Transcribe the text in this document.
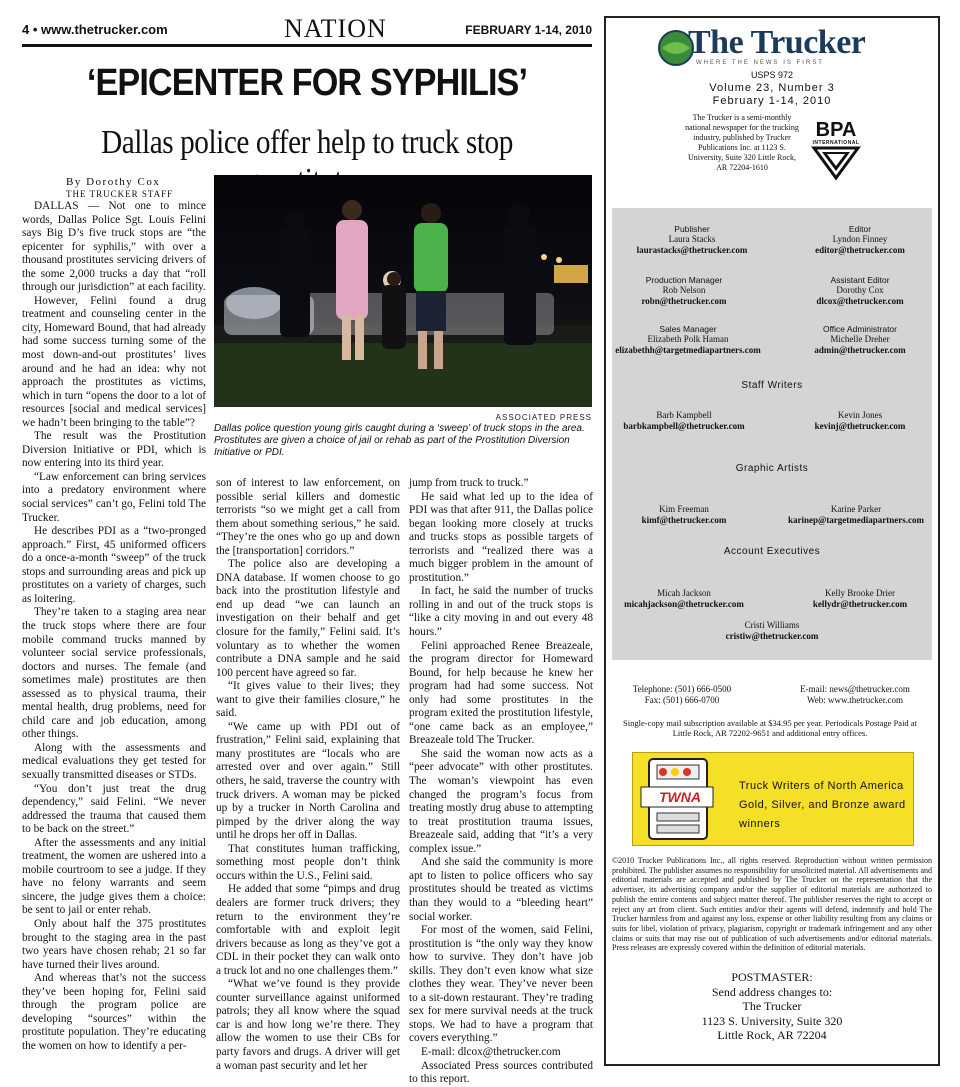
4 • www.thetrucker.com	NATION	FEBRUARY 1-14, 2010
‘EPICENTER FOR SYPHILIS’
Dallas police offer help to truck stop
By Dorothy Cox
THE TRUCKER STAFF

DALLAS — Not one to mince words, Dallas Police Sgt. Louis Felini says Big D’s five truck stops are “the epicenter for syphilis,” with over a thousand prostitutes servicing drivers of the some 2,000 trucks a day that “roll through our jurisdiction” at each facility.

However, Felini found a drug treatment and counseling center in the city, Homeward Bound, that had already had some success turning some of the most down-and-out prostitutes’ lives around and he had an idea: why not approach the prostitutes as victims, which in turn “opens the door to a lot of resources [social and medical services] we hadn’t been bringing to the table”?

The result was the Prostitution Diversion Initiative or PDI, which is now entering into its third year.

“Law enforcement can bring services into a predatory environment where social services” can’t go, Felini told The Trucker.

He describes PDI as a “two-pronged approach.” First, 45 uniformed officers do a once-a-month “sweep” of the truck stops and surrounding areas and pick up prostitutes on a variety of charges, such as loitering.

They’re taken to a staging area near the truck stops where there are four mobile command trucks manned by volunteer social service professionals, doctors and nurses. The female (and sometimes male) prostitutes are then assessed as to physical trauma, their mental health, drug problems, need for child care and job education, among other things.

Along with the assessments and medical evaluations they get tested for sexually transmitted diseases or STDs.

“You don’t just treat the drug dependency,” said Felini. “We never addressed the trauma that caused them to be back on the street.”

After the assessments and any initial treatment, the women are ushered into a mobile courtroom to see a judge. If they have no felony warrants and seem sincere, the judge gives them a choice: be sent to jail or enter rehab.

Only about half the 375 prostitutes brought to the staging area in the past two years have chosen rehab; 21 so far have turned their lives around.

And whereas that’s not the success they’ve been hoping for, Felini said through the program police are developing “sources” within the prostitute population. They’re educating the women on how to identify a per-

ASSOCIATED PRESS
Dallas police question young girls caught during a ‘sweep’ of truck stops in the area. Prostitutes are given a choice of jail or rehab as part of the Prostitution Diversion Initiative or PDI.

son of interest to law enforcement, on possible serial killers and domestic terrorists “so we might get a call from them about something serious,” he said. “They’re the ones who go up and down the [transportation] corridors.”

The police also are developing a DNA database. If women choose to go back into the prostitution lifestyle and end up dead “we can launch an investigation on their behalf and get closure for the family,” Felini said. It’s voluntary as to whether the women contribute a DNA sample and he said 100 percent have agreed so far.

“It gives value to their lives; they want to give their families closure,” he said.

“We came up with PDI out of frustration,” Felini said, explaining that many prostitutes are “locals who are arrested over and over again.” Still others, he said, traverse the country with truck drivers. A woman may be picked up by a trucker in North Carolina and pimped by the driver along the way until he drops her off in Dallas.

That constitutes human trafficking, something most people don’t think occurs within the U.S., Felini said.

He added that some “pimps and drug dealers are former truck drivers; they return to the environment they’re comfortable with and exploit legit drivers because as long as they’ve got a CDL in their pocket they can walk onto a truck lot and no one challenges them.”

“What we’ve found is they provide counter surveillance against uniformed patrols; they all know where the squad car is and how long we’re there. They allow the women to use their CBs for party favors and drugs. A driver will get a woman past security and let her

jump from truck to truck.”

He said what led up to the idea of PDI was that after 911, the Dallas police began looking more closely at trucks and trucks stops as possible targets of terrorists and “realized there was a much bigger problem in the amount of prostitution.”

In fact, he said the number of trucks rolling in and out of the truck stops is “like a city moving in and out every 48 hours.”

Felini approached Renee Breazeale, the program director for Homeward Bound, for help because he knew her program had had some success. Not only had some prostitutes in the program exited the prostitution lifestyle, “one came back as an employee,” Breazeale told The Trucker.

She said the woman now acts as a “peer advocate” with other prostitutes. The woman’s viewpoint has even changed the program’s focus from treating mostly drug abuse to attempting to treat prostitution trauma issues, Breazeale said, adding that “it’s a very complex issue.”

And she said the community is more apt to listen to police officers who say prostitutes should be treated as victims than they would to a “bleeding heart” social worker.

For most of the women, said Felini, prostitution is “the only way they know how to survive. They don’t have job skills. They don’t even know what size clothes they wear. They’ve never been to a sit-down restaurant. They’re trading sex for mere survival needs at the truck stops. We had to have a program that covers everything.”

E-mail: dlcox@thetrucker.com

Associated Press sources contributed to this report.

The Trucker
WHERE THE NEWS IS FIRST
USPS 972
Volume 23, Number 3
February 1-14, 2010
The Trucker is a semi-monthly national newspaper for the trucking industry, published by Trucker Publications Inc. at 1123 S. University, Suite 320 Little Rock, AR 72204-1610
BPA
INTERNATIONAL
Publisher
Laura Stacks
laurastacks@thetrucker.com
Editor
Lyndon Finney
editor@thetrucker.com
Production Manager
Rob Nelson
robn@thetrucker.com
Assistant Editor
Dorothy Cox
dlcox@thetrucker.com
Sales Manager
Elizabeth Polk Haman
elizabethh@targetmediapartners.com
Office Administrator
Michelle Dreher
admin@thetrucker.com
Staff Writers
Barb Kampbell
barbkampbell@thetrucker.com
Kevin Jones
kevinj@thetrucker.com
Graphic Artists
Kim Freeman
kimf@thetrucker.com
Karine Parker
karinep@targetmediapartners.com
Account Executives
Micah Jackson
micahjackson@thetrucker.com
Kelly Brooke Drier
kellydr@thetrucker.com
Cristi Williams
cristiw@thetrucker.com
Telephone: (501) 666-0500
Fax: (501) 666-0700
E-mail: news@thetrucker.com
Web: www.thetrucker.com
Single-copy mail subscription available at $34.95 per year. Periodicals Postage Paid at Little Rock, AR 72202-9651 and additional entry offices.
TWNA
Truck Writers of North America Gold, Silver, and Bronze award winners
©2010 Trucker Publications Inc., all rights reserved. Reproduction without written permission prohibited. The publisher assumes no responsibility for unsolicited material. All advertisements and editorial materials are accepted and published by The Trucker on the representation that the advertiser, its advertising company and/or the supplier of editorial materials are authorized to publish the entire contents and subject matter thereof. The publisher reserves the right to accept or reject any art from client. Such entities and/or their agents will defend, indemnify and hold The Trucker harmless from and against any loss, expense or other liability resulting from any claims or suits for libel, violation of privacy, plagiarism, copyright or trademark infringement and any other claims or suits that may rise out of publication of such advertisements and/or editorial materials. Press releases are expressly covered within the definition of editorial materials.
POSTMASTER:
Send address changes to:
The Trucker
1123 S. University, Suite 320
Little Rock, AR 72204
